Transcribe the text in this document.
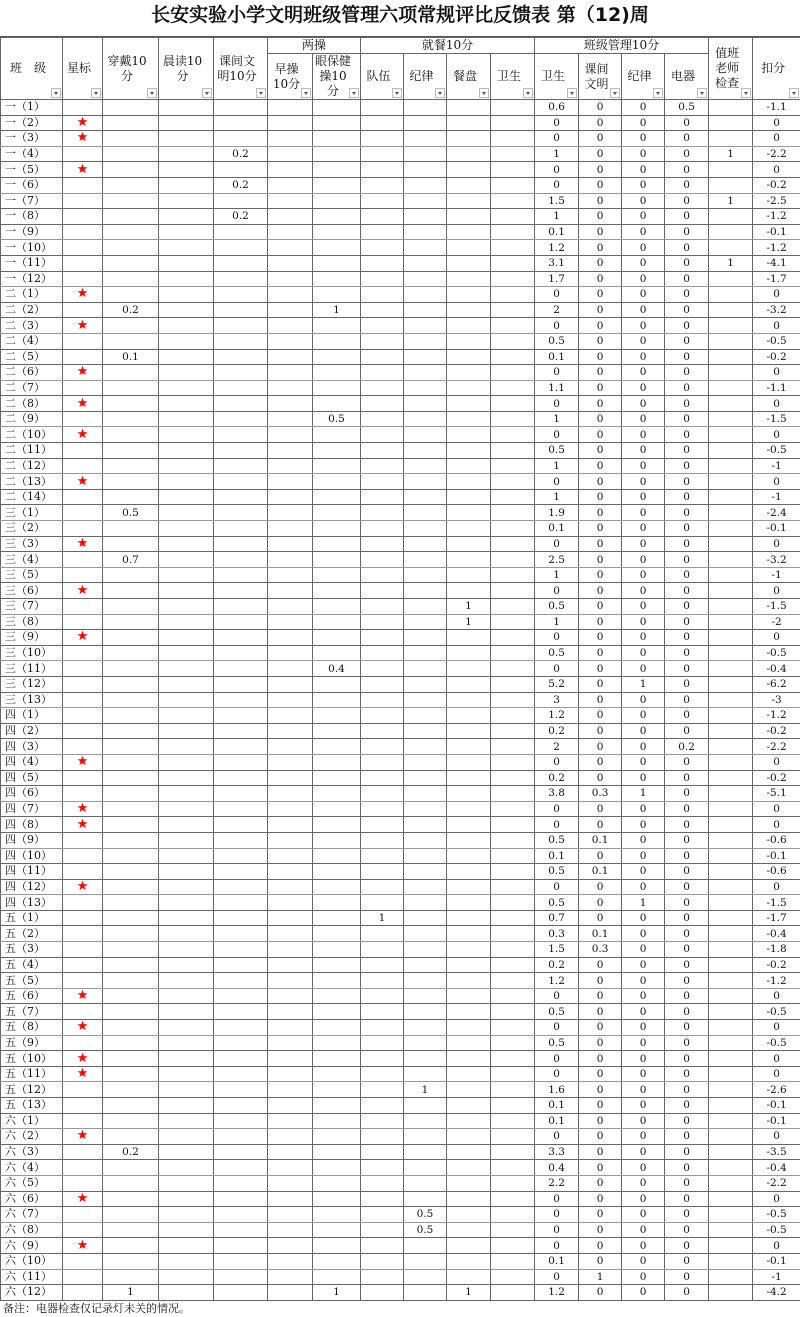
长安实验小学文明班级管理六项常规评比反馈表 第（12)周
班　级	星标	穿戴10分	晨读10分	课间文明10分	两操		就餐10分				班级管理10分				值班老师检查	扣分

					早操10分	眼保健操10分	队伍	纪律	餐盘	卫生	卫生	课间文明	纪律	电器		

一（1）											0.6	0	0	0.5		-1.1
一（2）	★										0	0	0	0		0
一（3）	★										0	0	0	0		0
一（4）				0.2							1	0	0	0	1	-2.2
一（5）	★										0	0	0	0		0
一（6）				0.2							0	0	0	0		-0.2
一（7）											1.5	0	0	0	1	-2.5
一（8）				0.2							1	0	0	0		-1.2
一（9）											0.1	0	0	0		-0.1
一（10）											1.2	0	0	0		-1.2
一（11）											3.1	0	0	0	1	-4.1
一（12）											1.7	0	0	0		-1.7
二（1）	★										0	0	0	0		0
二（2）		0.2				1					2	0	0	0		-3.2
二（3）	★										0	0	0	0		0
二（4）											0.5	0	0	0		-0.5
二（5）		0.1									0.1	0	0	0		-0.2
二（6）	★										0	0	0	0		0
二（7）											1.1	0	0	0		-1.1
二（8）	★										0	0	0	0		0
二（9）						0.5					1	0	0	0		-1.5
二（10）	★										0	0	0	0		0
二（11）											0.5	0	0	0		-0.5
二（12）											1	0	0	0		-1
二（13）	★										0	0	0	0		0
二（14）											1	0	0	0		-1
三（1）		0.5									1.9	0	0	0		-2.4
三（2）											0.1	0	0	0		-0.1
三（3）	★										0	0	0	0		0
三（4）		0.7									2.5	0	0	0		-3.2
三（5）											1	0	0	0		-1
三（6）	★										0	0	0	0		0
三（7）									1		0.5	0	0	0		-1.5
三（8）									1		1	0	0	0		-2
三（9）	★										0	0	0	0		0
三（10）											0.5	0	0	0		-0.5
三（11）						0.4					0	0	0	0		-0.4
三（12）											5.2	0	1	0		-6.2
三（13）											3	0	0	0		-3
四（1）											1.2	0	0	0		-1.2
四（2）											0.2	0	0	0		-0.2
四（3）											2	0	0	0.2		-2.2
四（4）	★										0	0	0	0		0
四（5）											0.2	0	0	0		-0.2
四（6）											3.8	0.3	1	0		-5.1
四（7）	★										0	0	0	0		0
四（8）	★										0	0	0	0		0
四（9）											0.5	0.1	0	0		-0.6
四（10）											0.1	0	0	0		-0.1
四（11）											0.5	0.1	0	0		-0.6
四（12）	★										0	0	0	0		0
四（13）											0.5	0	1	0		-1.5
五（1）							1				0.7	0	0	0		-1.7
五（2）											0.3	0.1	0	0		-0.4
五（3）											1.5	0.3	0	0		-1.8
五（4）											0.2	0	0	0		-0.2
五（5）											1.2	0	0	0		-1.2
五（6）	★										0	0	0	0		0
五（7）											0.5	0	0	0		-0.5
五（8）	★										0	0	0	0		0
五（9）											0.5	0	0	0		-0.5
五（10）	★										0	0	0	0		0
五（11）	★										0	0	0	0		0
五（12）								1			1.6	0	0	0		-2.6
五（13）											0.1	0	0	0		-0.1
六（1）											0.1	0	0	0		-0.1
六（2）	★										0	0	0	0		0
六（3）		0.2									3.3	0	0	0		-3.5
六（4）											0.4	0	0	0		-0.4
六（5）											2.2	0	0	0		-2.2
六（6）	★										0	0	0	0		0
六（7）								0.5			0	0	0	0		-0.5
六（8）								0.5			0	0	0	0		-0.5
六（9）	★										0	0	0	0		0
六（10）											0.1	0	0	0		-0.1
六（11）											0	1	0	0		-1
六（12）		1				1			1		1.2	0	0	0		-4.2
备注：电器检查仅记录灯未关的情况。
